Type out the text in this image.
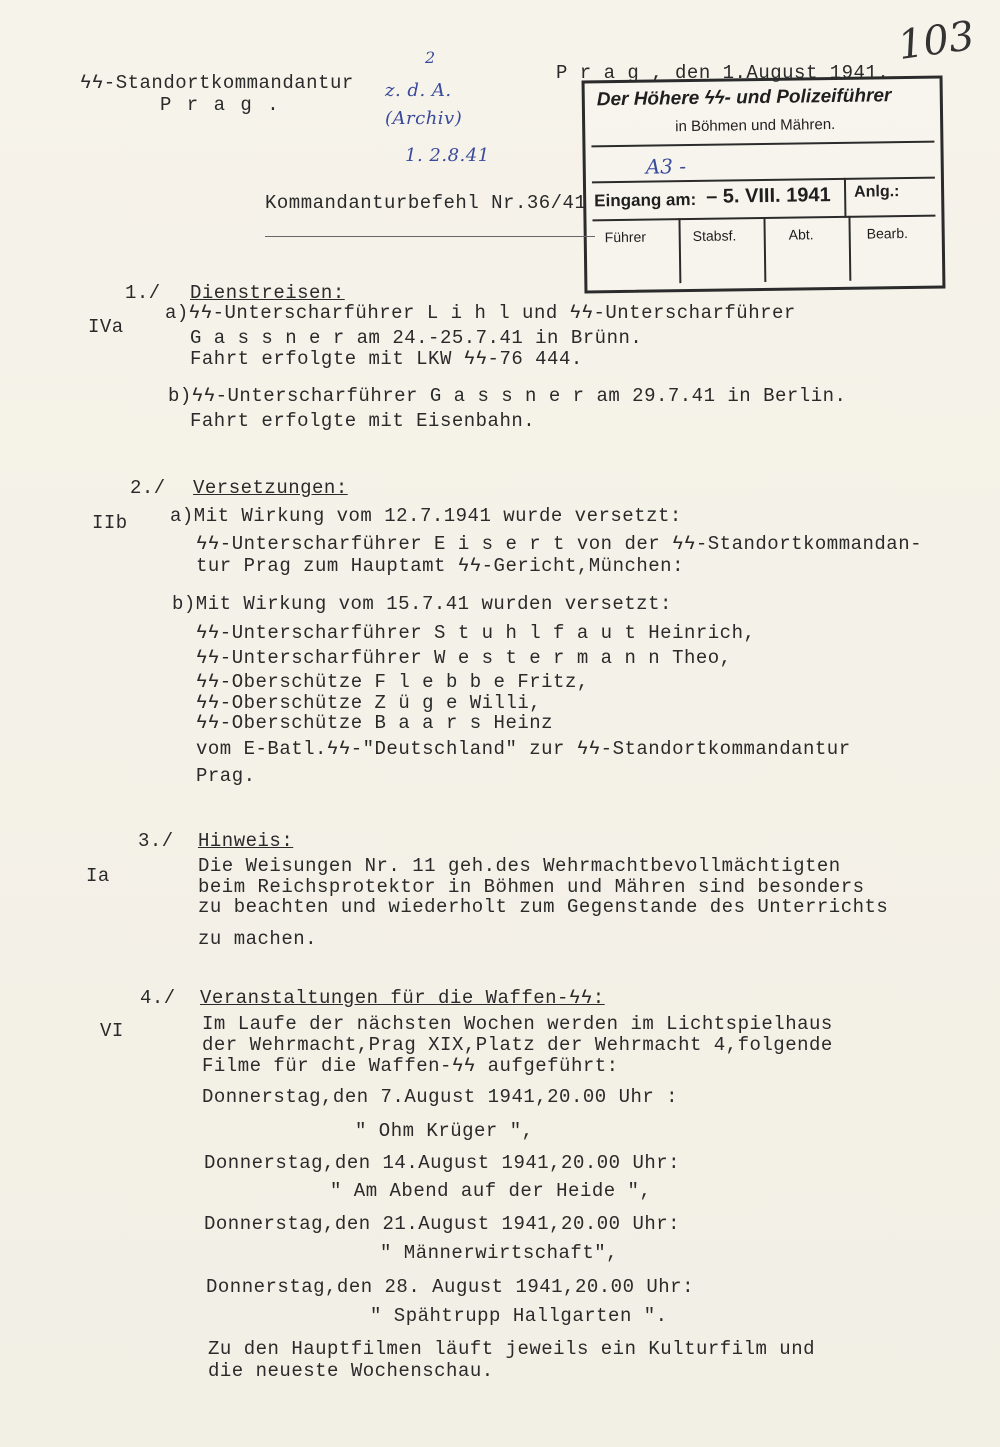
ϟϟ-Standortkommandantur
P r a g .
P r a g , den 1.August 1941.
103
2
z. d. A.
(Archiv)
1. 2.8.41
Der Höhere ϟϟ- und Polizeiführer
in Böhmen und Mähren.
A3 -
Eingang am: – 5. VIII. 1941 Anlg.:
Führer	Stabsf.	Abt.	Bearb.
Kommandanturbefehl Nr.36/41
1./ Dienstreisen:
IVa
a)ϟϟ-Unterscharführer L i h l und ϟϟ-Unterscharführer
G a s s n e r am 24.-25.7.41 in Brünn.
Fahrt erfolgte mit LKW ϟϟ-76 444.
b)ϟϟ-Unterscharführer G a s s n e r am 29.7.41 in Berlin.
Fahrt erfolgte mit Eisenbahn.
2./ Versetzungen:
IIb a)Mit Wirkung vom 12.7.1941 wurde versetzt:
ϟϟ-Unterscharführer E i s e r t von der ϟϟ-Standortkommandan-
tur Prag zum Hauptamt ϟϟ-Gericht,München:
b)Mit Wirkung vom 15.7.41 wurden versetzt:
ϟϟ-Unterscharführer S t u h l f a u t Heinrich,
ϟϟ-Unterscharführer W e s t e r m a n n Theo,
ϟϟ-Oberschütze F l e b b e Fritz,
ϟϟ-Oberschütze Z ü g e Willi,
ϟϟ-Oberschütze B a a r s Heinz
vom E-Batl.ϟϟ-"Deutschland" zur ϟϟ-Standortkommandantur
Prag.
3./ Hinweis:
Ia	Die Weisungen Nr. 11 geh.des Wehrmachtbevollmächtigten
beim Reichsprotektor in Böhmen und Mähren sind besonders
zu beachten und wiederholt zum Gegenstande des Unterrichts
zu machen.
4./ Veranstaltungen für die Waffen-ϟϟ:
VI	Im Laufe der nächsten Wochen werden im Lichtspielhaus
der Wehrmacht,Prag XIX,Platz der Wehrmacht 4,folgende
Filme für die Waffen-ϟϟ aufgeführt:
Donnerstag,den 7.August 1941,20.00 Uhr :
" Ohm Krüger ",
Donnerstag,den 14.August 1941,20.00 Uhr:
" Am Abend auf der Heide ",
Donnerstag,den 21.August 1941,20.00 Uhr:
" Männerwirtschaft",
Donnerstag,den 28. August 1941,20.00 Uhr:
" Spähtrupp Hallgarten ".
Zu den Hauptfilmen läuft jeweils ein Kulturfilm und
die neueste Wochenschau.
